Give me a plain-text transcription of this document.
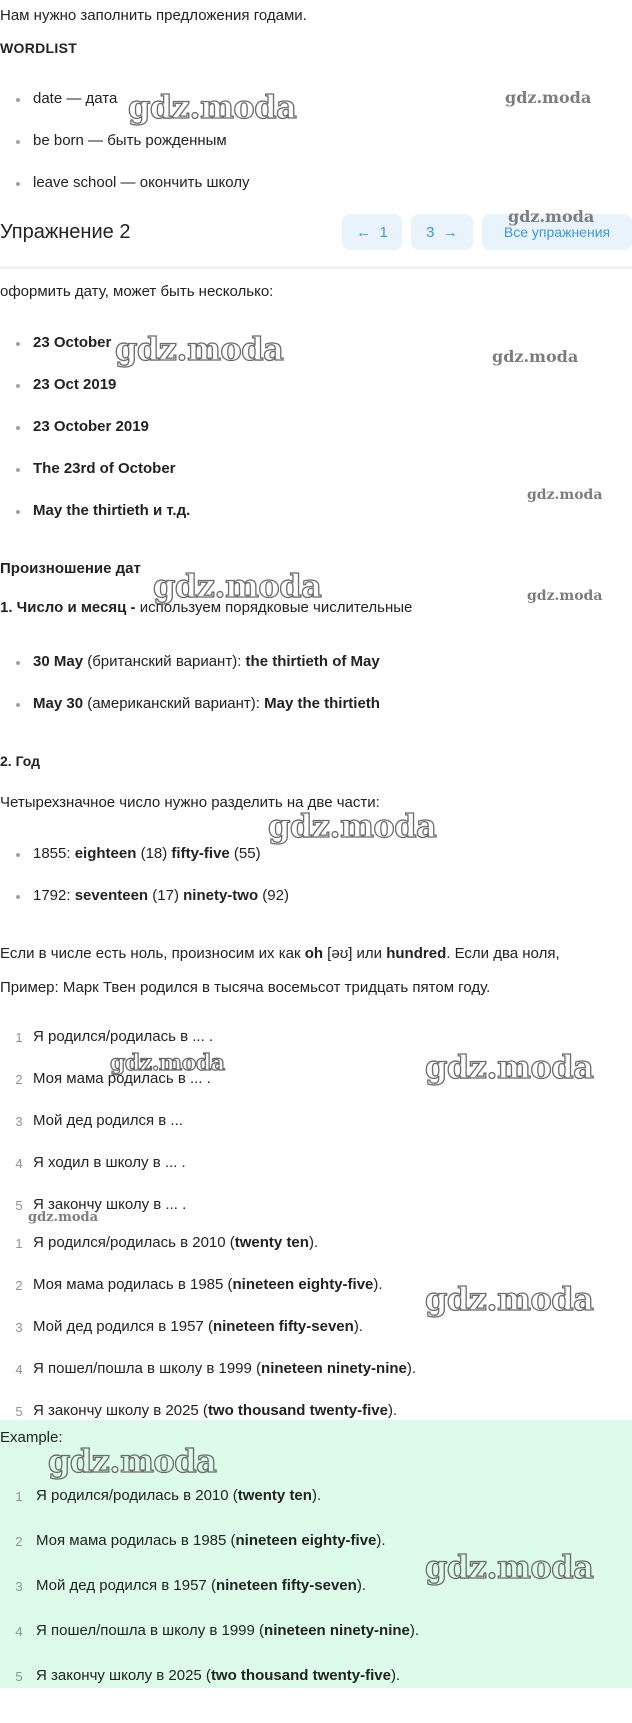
Нам нужно заполнить предложения годами.
WORDLIST
date — дата
be born — быть рожденным
leave school — окончить школу
Упражнение 2	←
1	3
→	Все упражнения
оформить дату, может быть несколько:
23 October
23 Oct 2019
23 October 2019
The 23rd of October
May the thirtieth и т.д.
Произношение дат
1. Число и месяц - используем порядковые числительные
30 May (британский вариант): the thirtieth of May
May 30 (американский вариант): May the thirtieth
2. Год
Четырехзначное число нужно разделить на две части:
1855: eighteen (18) fifty-five (55)
1792: seventeen (17) ninety-two (92)
Если в числе есть ноль, произносим их как oh [əʊ] или hundred. Если два ноля,
Пример: Марк Твен родился в тысяча восемьсот тридцать пятом году.
1 Я родился/родилась в ... .
2 Моя мама родилась в ... .
3 Мой дед родился в ...
4 Я ходил в школу в ... .
5 Я закончу школу в ... .
1 Я родился/родилась в 2010 (twenty ten).
2 Моя мама родилась в 1985 (nineteen eighty-five).
3 Мой дед родился в 1957 (nineteen fifty-seven).
4 Я пошел/пошла в школу в 1999 (nineteen ninety-nine).
5 Я закончу школу в 2025 (two thousand twenty-five).
Example:
1 Я родился/родилась в 2010 (twenty ten).
2 Моя мама родилась в 1985 (nineteen eighty-five).
3 Мой дед родился в 1957 (nineteen fifty-seven).
4 Я пошел/пошла в школу в 1999 (nineteen ninety-nine).
5 Я закончу школу в 2025 (two thousand twenty-five).
gdz.moda	gdz.moda
gdz.moda
gdz.moda	gdz.moda
gdz.moda
gdz.moda	gdz.moda
gdz.moda
gdz.moda	gdz.moda
gdz.moda
gdz.moda
gdz.moda
gdz.moda
